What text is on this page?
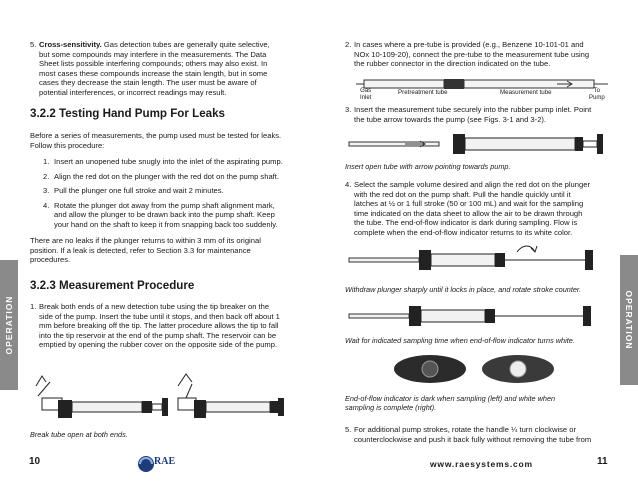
5. Cross-sensitivity. Gas detection tubes are generally quite selective,
but some compounds may interfere in the measurements. The Data
Sheet lists possible interfering compounds; others may also exist. In
most cases these compounds increase the stain length, but in some
cases they decrease the stain length. The user must be aware of
potential interferences, or incorrect readings may result.
3.2.2 Testing Hand Pump For Leaks
Before a series of measurements, the pump used must be tested for leaks.
Follow this procedure:
1. Insert an unopened tube snugly into the inlet of the aspirating pump.
2. Align the red dot on the plunger with the red dot on the pump shaft.
3. Pull the plunger one full stroke and wait 2 minutes.
4. Rotate the plunger dot away from the pump shaft alignment mark,
and allow the plunger to be drawn back into the pump shaft. Keep
your hand on the shaft to keep it from snapping back too suddenly.
There are no leaks if the plunger returns to within 3 mm of its original
position. If a leak is detected, refer to Section 3.3 for maintenance
procedures.
3.2.3 Measurement Procedure
1. Break both ends of a new detection tube using the tip breaker on the
side of the pump. Insert the tube until it stops, and then back off about 1
mm before breaking off the tip. The latter procedure allows the tip to fall
into the tip reservoir at the end of the pump shaft. The reservoir can be
emptied by opening the rubber cover on the opposite side of the pump.

Break tube open at both ends.

10	RAE
OPERATION
2. In cases where a pre-tube is provided (e.g., Benzene 10-101-01 and
NOx 10-109-20), connect the pre-tube to the measurement tube using
the rubber connector in the direction indicated on the tube.
Gas
Inlet
Pretreatment tube	Measurement tube	To
Pump
3. Insert the measurement tube securely into the rubber pump inlet. Point
the tube arrow towards the pump (see Figs. 3-1 and 3-2).

Insert open tube with arrow pointing towards pump.

4. Select the sample volume desired and align the red dot on the plunger
with the red dot on the pump shaft. Pull the handle quickly until it
latches at ½ or 1 full stroke (50 or 100 mL) and wait for the sampling
time indicated on the data sheet to allow the air to be drawn through
the tube. The end-of-flow indicator is dark during sampling. Flow is
complete when the end-of-flow indicator returns to its white color.

Withdraw plunger sharply until it locks in place, and rotate stroke counter.

Wait for indicated sampling time when end-of-flow indicator turns white.

End-of-flow indicator is dark when sampling (left) and white when
sampling is complete (right).
5. For additional pump strokes, rotate the handle ¼ turn clockwise or
counterclockwise and push it back fully without removing the tube from
www.raesystems.com	11
OPERATION
